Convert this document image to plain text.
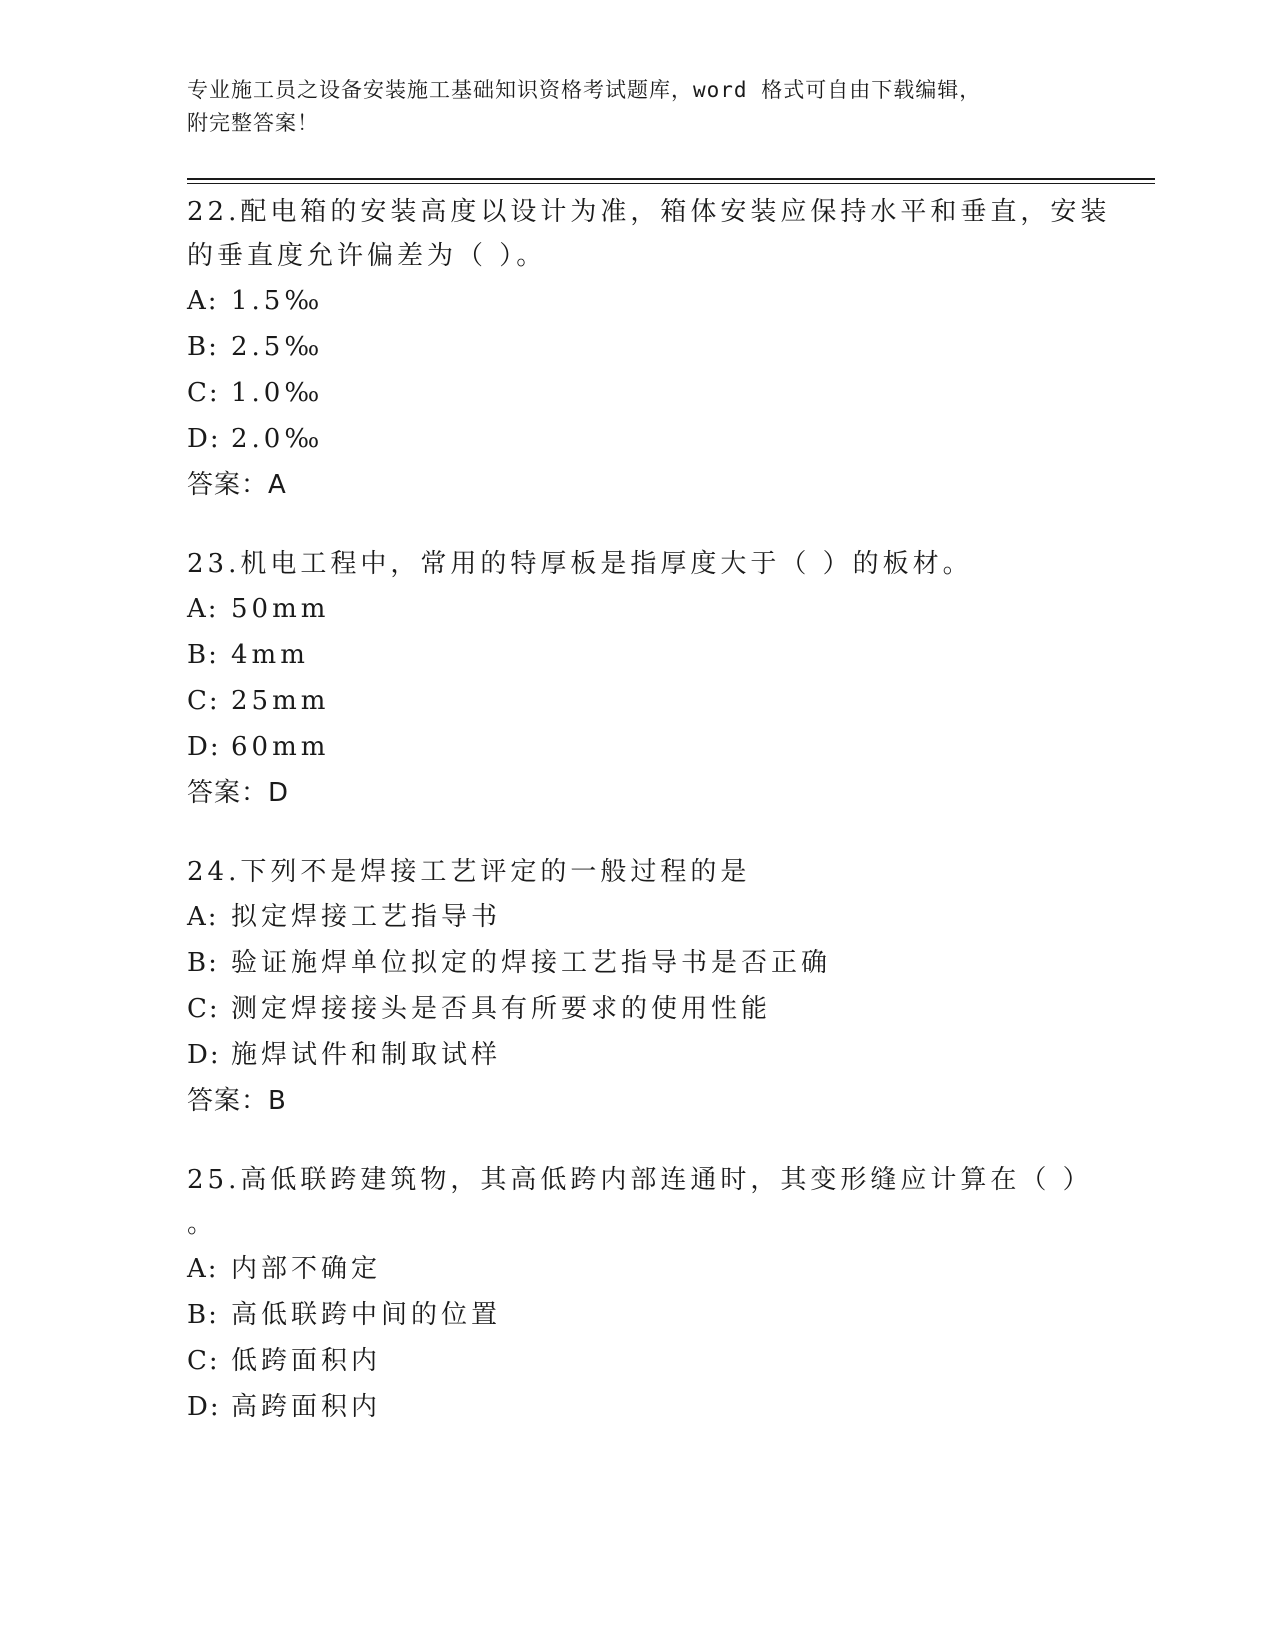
专业施工员之设备安装施工基础知识资格考试题库，word 格式可自由下载编辑，
附完整答案！
22.配电箱的安装高度以设计为准，箱体安装应保持水平和垂直，安装
的垂直度允许偏差为（ ）。
A: 1.5‰
B: 2.5‰
C: 1.0‰
D: 2.0‰
答案：A
23.机电工程中，常用的特厚板是指厚度大于（ ）的板材。
A: 50mm
B: 4mm
C: 25mm
D: 60mm
答案：D
24.下列不是焊接工艺评定的一般过程的是
A: 拟定焊接工艺指导书
B: 验证施焊单位拟定的焊接工艺指导书是否正确
C: 测定焊接接头是否具有所要求的使用性能
D: 施焊试件和制取试样
答案：B
25.高低联跨建筑物，其高低跨内部连通时，其变形缝应计算在（ ）
。
A: 内部不确定
B: 高低联跨中间的位置
C: 低跨面积内
D: 高跨面积内
